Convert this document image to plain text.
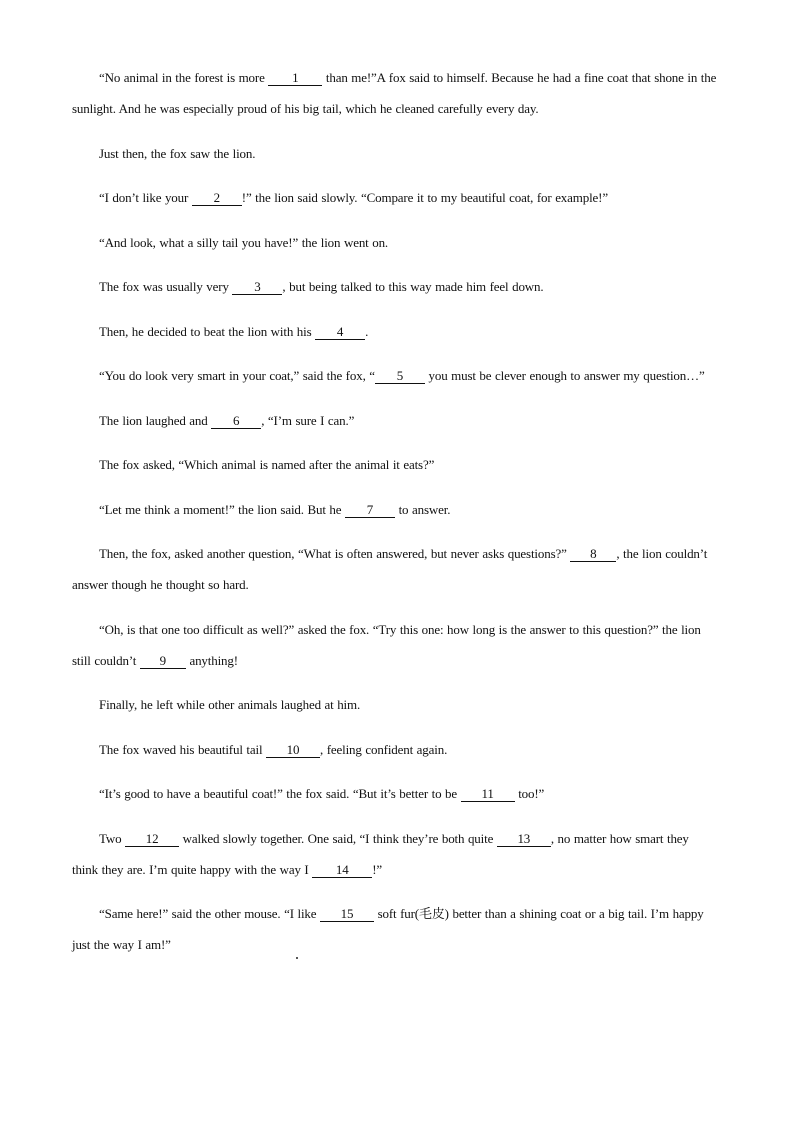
“No animal in the forest is more 1 than me!”A fox said to himself. Because he had a fine coat that shone in the sunlight. And he was especially proud of his big tail, which he cleaned carefully every day.

Just then, the fox saw the lion.

“I don’t like your 2 !” the lion said slowly. “Compare it to my beautiful coat, for example!”

“And look, what a silly tail you have!” the lion went on.

The fox was usually very 3 , but being talked to this way made him feel down.

Then, he decided to beat the lion with his 4 .

“You do look very smart in your coat,” said the fox, “ 5 you must be clever enough to answer my question…”

The lion laughed and 6 , “I’m sure I can.”

The fox asked, “Which animal is named after the animal it eats?”

“Let me think a moment!” the lion said. But he 7 to answer.

Then, the fox, asked another question, “What is often answered, but never asks questions?” 8 , the lion couldn’t answer though he thought so hard.

“Oh, is that one too difficult as well?” asked the fox. “Try this one: how long is the answer to this question?” the lion still couldn’t 9 anything!

Finally, he left while other animals laughed at him.

The fox waved his beautiful tail 10 , feeling confident again.

“It’s good to have a beautiful coat!” the fox said. “But it’s better to be 11 too!”

Two 12 walked slowly together. One said, “I think they’re both quite 13 , no matter how smart they think they are. I’m quite happy with the way I 14 !”

“Same here!” said the other mouse. “I like 15 soft fur(毛皮) better than a shining coat or a big tail. I’m happy just the way I am!”
